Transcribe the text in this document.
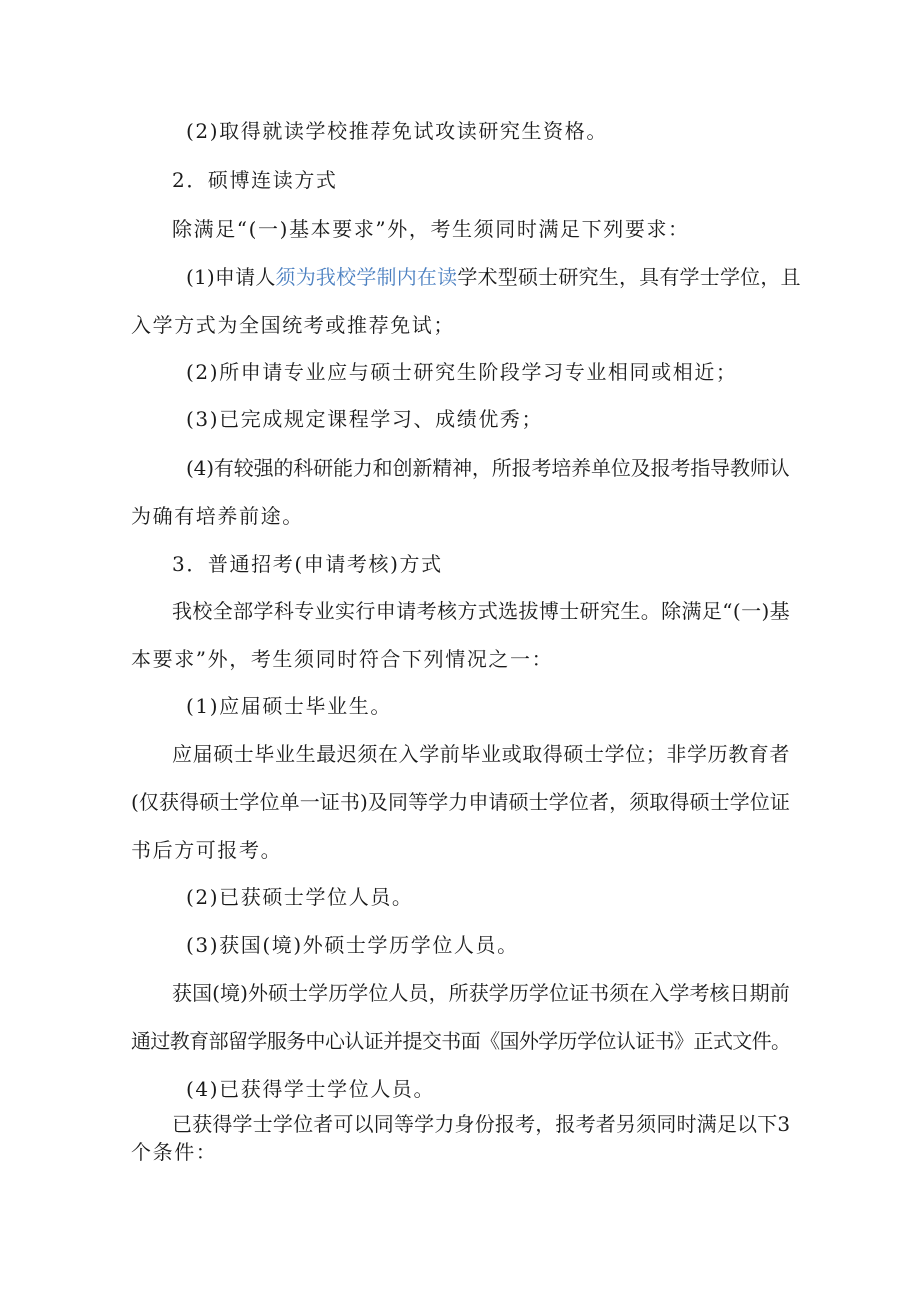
(2)取得就读学校推荐免试攻读研究生资格。
2．硕博连读方式
除满足“(一)基本要求”外，考生须同时满足下列要求：
(1)申请人须为我校学制内在读学术型硕士研究生，具有学士学位，且
入学方式为全国统考或推荐免试；
(2)所申请专业应与硕士研究生阶段学习专业相同或相近；
(3)已完成规定课程学习、成绩优秀；
(4)有较强的科研能力和创新精神，所报考培养单位及报考指导教师认
为确有培养前途。
3．普通招考(申请考核)方式
我校全部学科专业实行申请考核方式选拔博士研究生。除满足“(一)基
本要求”外，考生须同时符合下列情况之一：
(1)应届硕士毕业生。
应届硕士毕业生最迟须在入学前毕业或取得硕士学位；非学历教育者
(仅获得硕士学位单一证书)及同等学力申请硕士学位者，须取得硕士学位证
书后方可报考。
(2)已获硕士学位人员。
(3)获国(境)外硕士学历学位人员。
获国(境)外硕士学历学位人员，所获学历学位证书须在入学考核日期前
通过教育部留学服务中心认证并提交书面《国外学历学位认证书》正式文件。
(4)已获得学士学位人员。
已获得学士学位者可以同等学力身份报考，报考者另须同时满足以下3
个条件：
